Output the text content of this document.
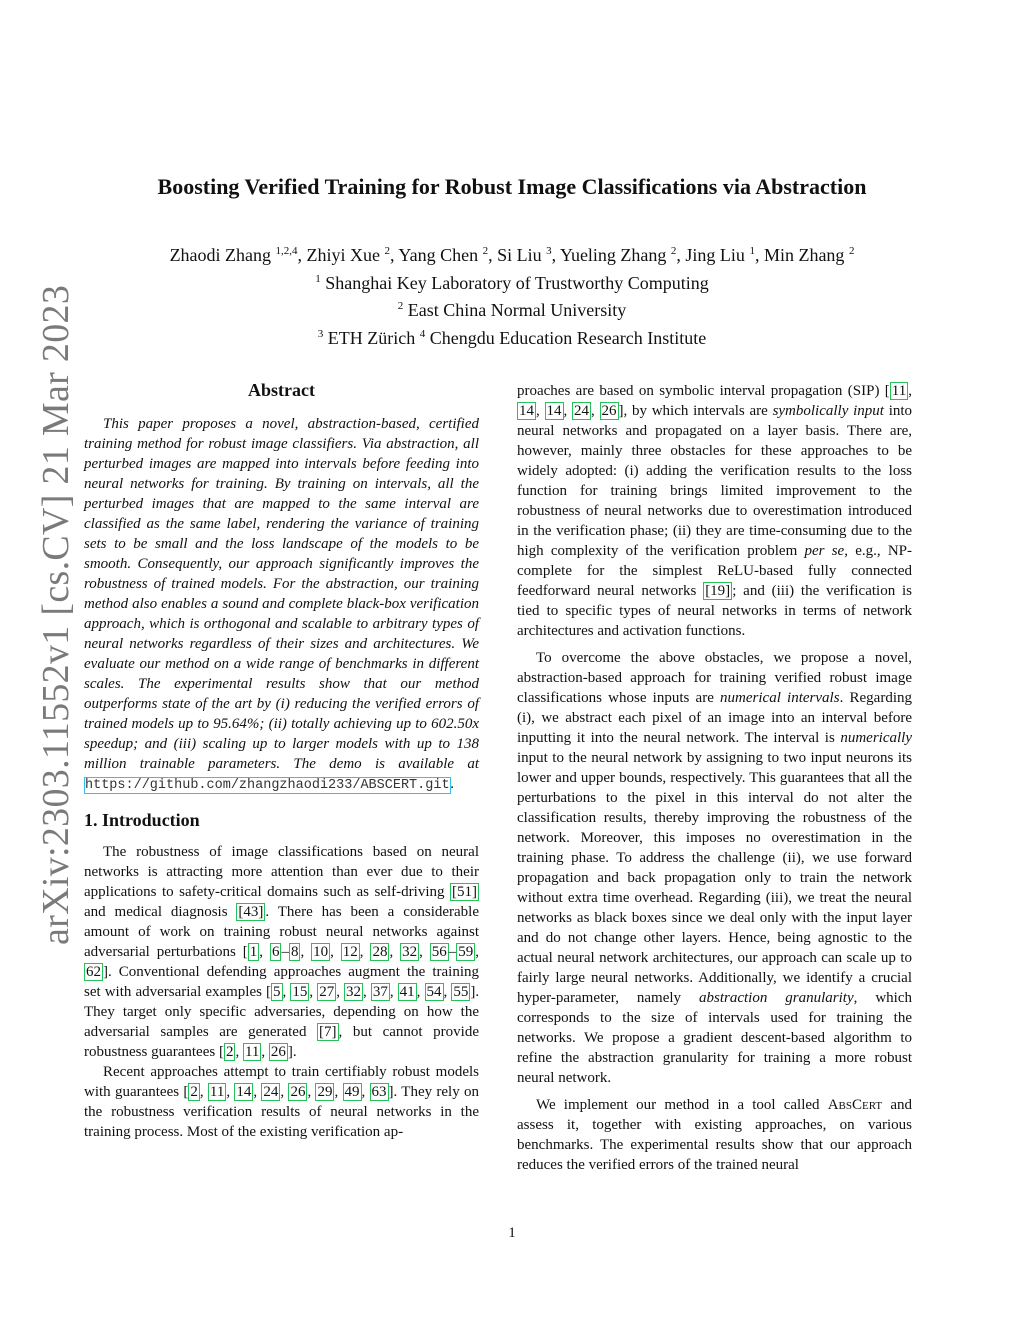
arXiv:2303.11552v1 [cs.CV] 21 Mar 2023
Boosting Verified Training for Robust Image Classifications via Abstraction
Zhaodi Zhang $^{1,2,4}$, Zhiyi Xue $^2$, Yang Chen $^2$, Si Liu $^3$, Yueling Zhang $^2$, Jing Liu $^1$, Min Zhang $^2$
$^1$ Shanghai Key Laboratory of Trustworthy Computing
$^2$ East China Normal University
$^3$ ETH Zürich $^4$ Chengdu Education Research Institute
Abstract

This paper proposes a novel, abstraction-based, certified training method for robust image classifiers. Via abstraction, all perturbed images are mapped into intervals before feeding into neural networks for training. By training on intervals, all the perturbed images that are mapped to the same interval are classified as the same label, rendering the variance of training sets to be small and the loss landscape of the models to be smooth. Consequently, our approach significantly improves the robustness of trained models. For the abstraction, our training method also enables a sound and complete black-box verification approach, which is orthogonal and scalable to arbitrary types of neural networks regardless of their sizes and architectures. We evaluate our method on a wide range of benchmarks in different scales. The experimental results show that our method outperforms state of the art by (i) reducing the verified errors of trained models up to 95.64%; (ii) totally achieving up to 602.50x speedup; and (iii) scaling up to larger models with up to 138 million trainable parameters. The demo is available at https://github.com/zhangzhaodi233/ABSCERT.git.

1. Introduction

The robustness of image classifications based on neural networks is attracting more attention than ever due to their applications to safety-critical domains such as self-driving [51] and medical diagnosis [43] . There has been a considerable amount of work on training robust neural networks against adversarial perturbations [ 1 , 6 – 8 , 10 , 12 , 28 , 32 , 56 – 59 , 62 ]. Conventional defending approaches augment the training set with adversarial examples [ 5 , 15 , 27 , 32 , 37 , 41 , 54 , 55 ]. They target only specific adversaries, depending on how the adversarial samples are generated [7] , but cannot provide robustness guarantees [ 2 , 11 , 26 ].

Recent approaches attempt to train certifiably robust models with guarantees [ 2 , 11 , 14 , 24 , 26 , 29 , 49 , 63 ]. They rely on the robustness verification results of neural networks in the training process. Most of the existing verification ap-

proaches are based on symbolic interval propagation (SIP) [ 11 , 14 , 14 , 24 , 26 ], by which intervals are symbolically input into neural networks and propagated on a layer basis. There are, however, mainly three obstacles for these approaches to be widely adopted: (i) adding the verification results to the loss function for training brings limited improvement to the robustness of neural networks due to overestimation introduced in the verification phase; (ii) they are time-consuming due to the high complexity of the verification problem per se, e.g., NP-complete for the simplest ReLU-based fully connected feedforward neural networks [19] ; and (iii) the verification is tied to specific types of neural networks in terms of network architectures and activation functions.

To overcome the above obstacles, we propose a novel, abstraction-based approach for training verified robust image classifications whose inputs are numerical intervals. Regarding (i), we abstract each pixel of an image into an interval before inputting it into the neural network. The interval is numerically input to the neural network by assigning to two input neurons its lower and upper bounds, respectively. This guarantees that all the perturbations to the pixel in this interval do not alter the classification results, thereby improving the robustness of the network. Moreover, this imposes no overestimation in the training phase. To address the challenge (ii), we use forward propagation and back propagation only to train the network without extra time overhead. Regarding (iii), we treat the neural networks as black boxes since we deal only with the input layer and do not change other layers. Hence, being agnostic to the actual neural network architectures, our approach can scale up to fairly large neural networks. Additionally, we identify a crucial hyper-parameter, namely abstraction granularity, which corresponds to the size of intervals used for training the networks. We propose a gradient descent-based algorithm to refine the abstraction granularity for training a more robust neural network.

We implement our method in a tool called AbsCert and assess it, together with existing approaches, on various benchmarks. The experimental results show that our approach reduces the verified errors of the trained neural

1
